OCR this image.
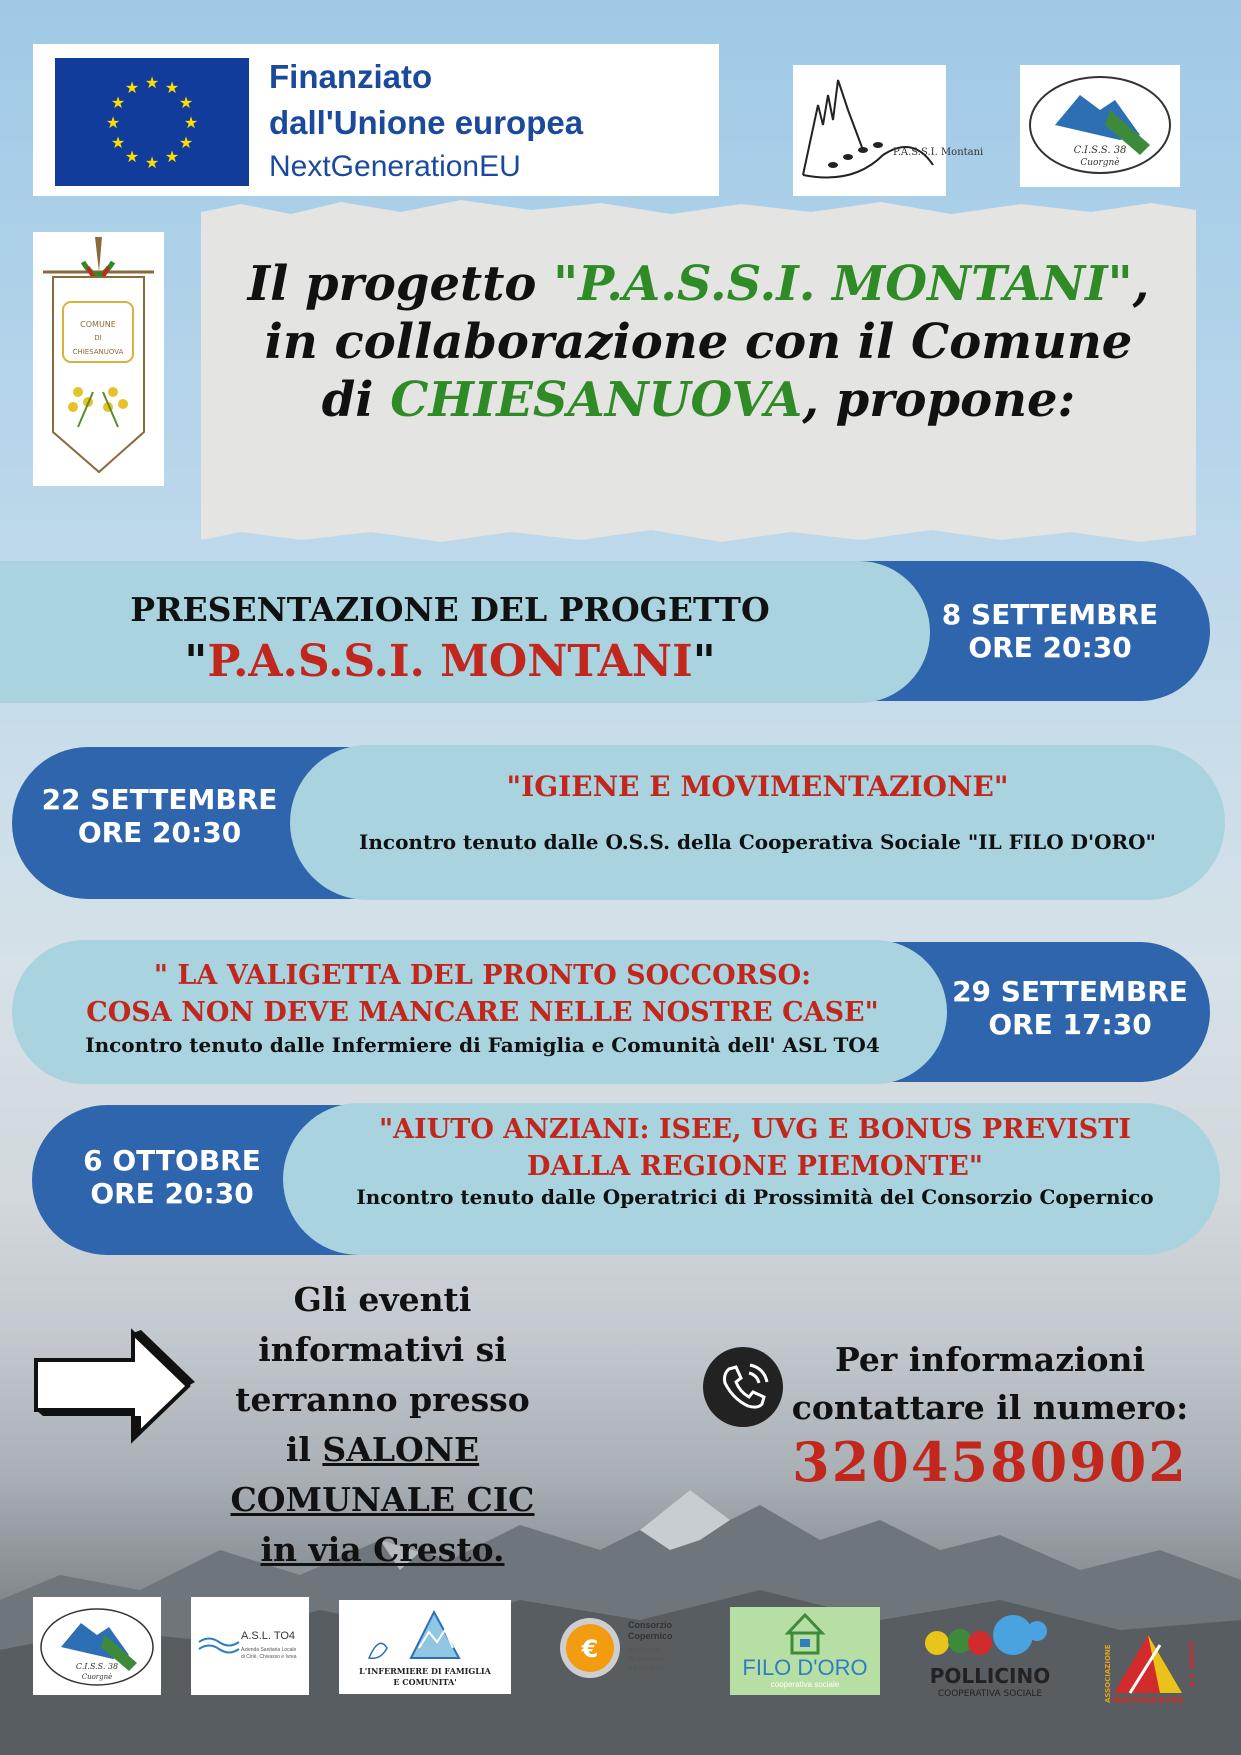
★ ★
★
★
★
★
★
★
★
★
★
★	Finanziato

dall'Unione europea

NextGenerationEU	P.A.S.S.I. Montani	C.I.S.S. 38
Cuorgnè
COMUNE
DI
CHIESANUOVA
Il progetto "P.A.S.S.I. MONTANI",
in collaborazione con il Comune
di CHIESANUOVA, propone:
PRESENTAZIONE DEL PROGETTO
"P.A.S.S.I. MONTANI"
8 SETTEMBRE
ORE 20:30
22 SETTEMBRE
ORE 20:30
"IGIENE E MOVIMENTAZIONE"
Incontro tenuto dalle O.S.S. della Cooperativa Sociale "IL FILO D'ORO"
" LA VALIGETTA DEL PRONTO SOCCORSO:
COSA NON DEVE MANCARE NELLE NOSTRE CASE"
Incontro tenuto dalle Infermiere di Famiglia e Comunità dell' ASL TO4
29 SETTEMBRE
ORE 17:30
6 OTTOBRE
ORE 20:30
"AIUTO ANZIANI: ISEE, UVG E BONUS PREVISTI
DALLA REGIONE PIEMONTE"
Incontro tenuto dalle Operatrici di Prossimità del Consorzio Copernico
Gli eventi
informativi si
terranno presso
il SALONE
COMUNALE CIC
in via Cresto.
Per informazioni
contattare il numero:
3204580902
C.I.S.S. 38
Cuorgnè
A.S.L. TO4
Azienda Sanitaria Locale
di Ciriè, Chivasso e Ivrea
L'INFERMIERE DI FAMIGLIA
E COMUNITA'
€
Consorzio
Copernico
Servizi per
la comunità
e il territorio	FILO D'ORO
cooperativa sociale	POLLICINO
COOPERATIVA SOCIALE	ASSOCIAZIONE MASTROPIETRO
& C. ONLUS
